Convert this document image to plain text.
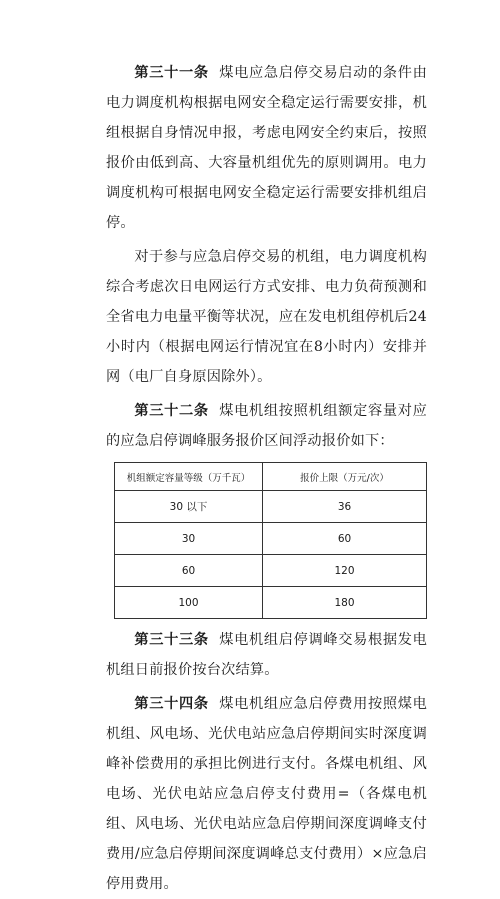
第三十一条 煤电应急启停交易启动的条件由电力调度机构根据电网安全稳定运行需要安排，机组根据自身情况申报，考虑电网安全约束后，按照报价由低到高、大容量机组优先的原则调用。电力调度机构可根据电网安全稳定运行需要安排机组启停。

对于参与应急启停交易的机组，电力调度机构综合考虑次日电网运行方式安排、电力负荷预测和全省电力电量平衡等状况，应在发电机组停机后24小时内（根据电网运行情况宜在8小时内）安排并网（电厂自身原因除外）。

第三十二条 煤电机组按照机组额定容量对应的应急启停调峰服务报价区间浮动报价如下：

机组额定容量等级（万千瓦）	报价上限（万元/次）
30 以下	36
30	60
60	120
100	180

第三十三条 煤电机组启停调峰交易根据发电机组日前报价按台次结算。

第三十四条 煤电机组应急启停费用按照煤电机组、风电场、光伏电站应急启停期间实时深度调峰补偿费用的承担比例进行支付。各煤电机组、风电场、光伏电站应急启停支付费用=（各煤电机组、风电场、光伏电站应急启停期间深度调峰支付费用/应急启停期间深度调峰总支付费用）×应急启停用费用。
